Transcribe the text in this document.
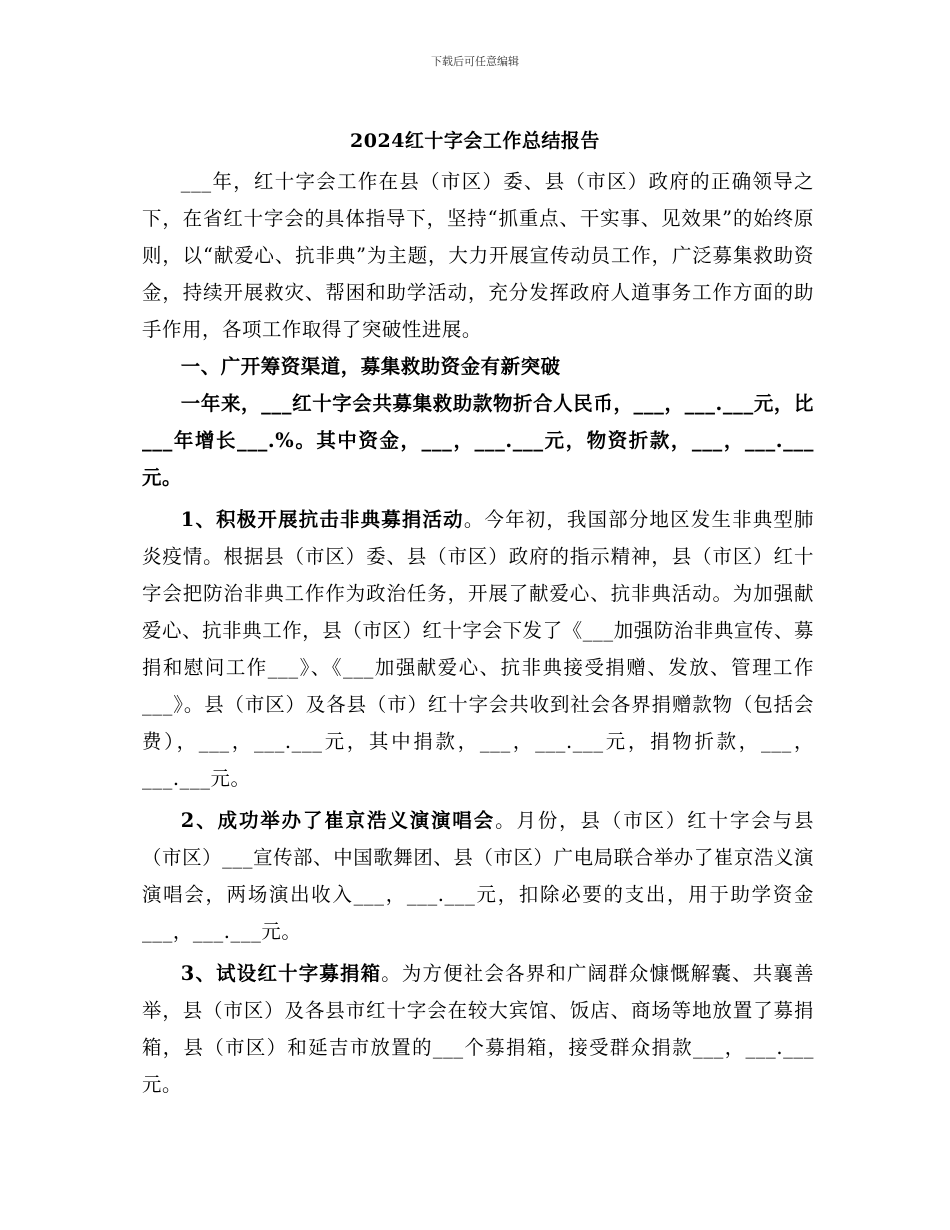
下载后可任意编辑
2024红十字会工作总结报告

___年，红十字会工作在县（市区）委、县（市区）政府的正确领导之下，在省红十字会的具体指导下，坚持“抓重点、干实事、见效果”的始终原则，以“献爱心、抗非典”为主题，大力开展宣传动员工作，广泛募集救助资金，持续开展救灾、帮困和助学活动，充分发挥政府人道事务工作方面的助手作用，各项工作取得了突破性进展。

一、广开筹资渠道，募集救助资金有新突破

一年来，___红十字会共募集救助款物折合人民币，___，___.___元，比___年增长___.%。其中资金，___，___.___元，物资折款，___，___.___元。

1、积极开展抗击非典募捐活动。今年初，我国部分地区发生非典型肺炎疫情。根据县（市区）委、县（市区）政府的指示精神，县（市区）红十字会把防治非典工作作为政治任务，开展了献爱心、抗非典活动。为加强献爱心、抗非典工作，县（市区）红十字会下发了《___加强防治非典宣传、募捐和慰问工作___》、《___加强献爱心、抗非典接受捐赠、发放、管理工作___》。县（市区）及各县（市）红十字会共收到社会各界捐赠款物（包括会费），___，___.___元，其中捐款，___，___.___元，捐物折款，___，___.___元。

2、成功举办了崔京浩义演演唱会。月份，县（市区）红十字会与县（市区）___宣传部、中国歌舞团、县（市区）广电局联合举办了崔京浩义演演唱会，两场演出收入___，___.___元，扣除必要的支出，用于助学资金___，___.___元。

3、试设红十字募捐箱。为方便社会各界和广阔群众慷慨解囊、共襄善举，县（市区）及各县市红十字会在较大宾馆、饭店、商场等地放置了募捐箱，县（市区）和延吉市放置的___个募捐箱，接受群众捐款___，___.___元。
